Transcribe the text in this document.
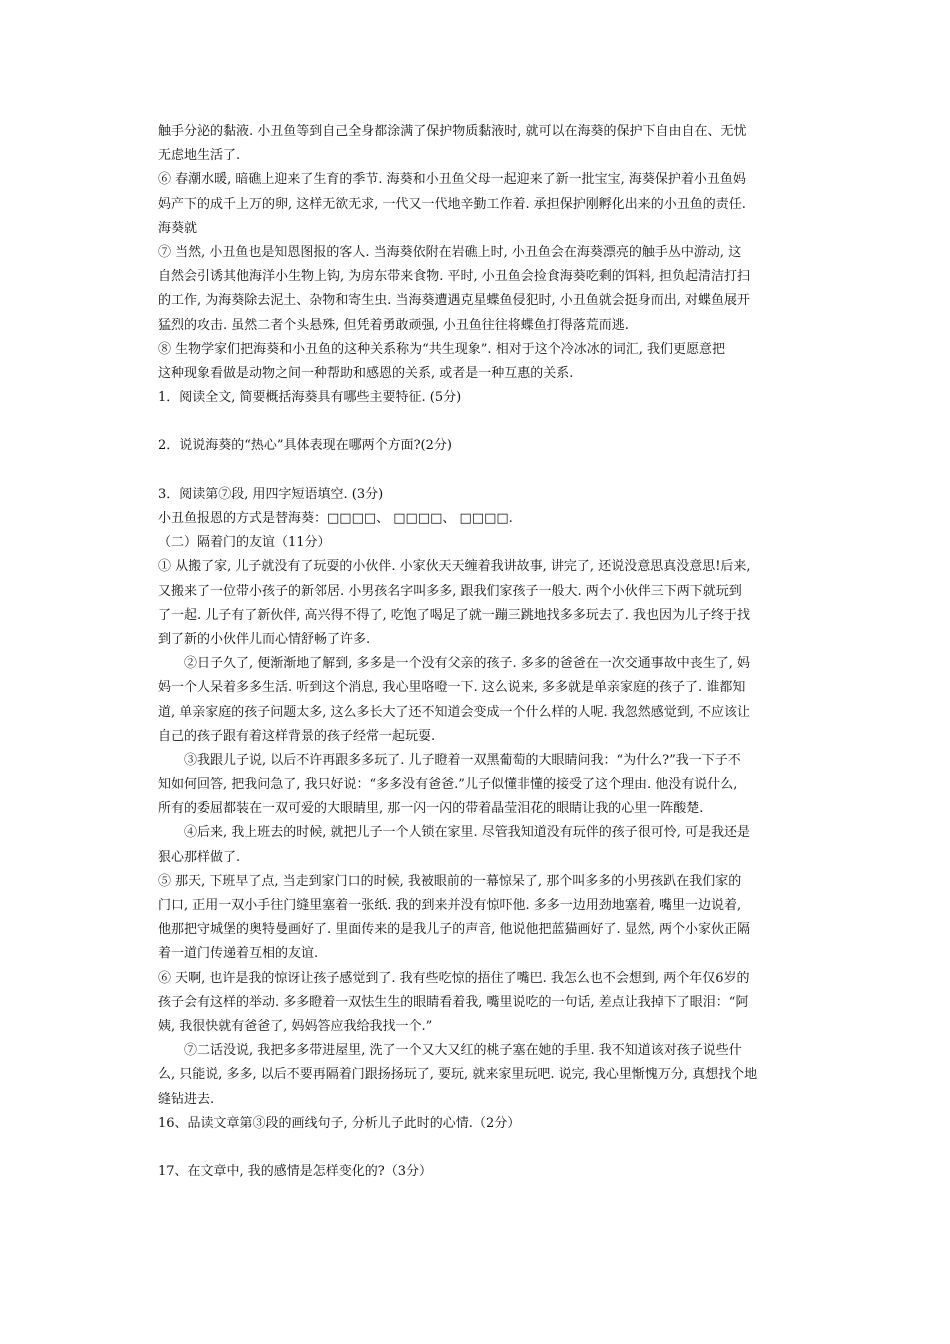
触手分泌的黏液. 小丑鱼等到自己全身都涂满了保护物质黏液时, 就可以在海葵的保护下自由自在、无忧
无虑地生活了.
⑥ 春潮水暖, 暗礁上迎来了生育的季节. 海葵和小丑鱼父母一起迎来了新一批宝宝, 海葵保护着小丑鱼妈
妈产下的成千上万的卵, 这样无欲无求, 一代又一代地辛勤工作着. 承担保护刚孵化出来的小丑鱼的责任.
海葵就
⑦ 当然, 小丑鱼也是知恩图报的客人. 当海葵依附在岩礁上时, 小丑鱼会在海葵漂亮的触手丛中游动, 这
自然会引诱其他海洋小生物上钩, 为房东带来食物. 平时, 小丑鱼会捡食海葵吃剩的饵料, 担负起清洁打扫
的工作, 为海葵除去泥土、杂物和寄生虫. 当海葵遭遇克星蝶鱼侵犯时, 小丑鱼就会挺身而出, 对蝶鱼展开
猛烈的攻击. 虽然二者个头悬殊, 但凭着勇敢顽强, 小丑鱼往往将蝶鱼打得落荒而逃.
⑧ 生物学家们把海葵和小丑鱼的这种关系称为“共生现象”. 相对于这个冷冰冰的词汇, 我们更愿意把
这种现象看做是动物之间一种帮助和感恩的关系, 或者是一种互惠的关系.
1．阅读全文, 简要概括海葵具有哪些主要特征. (5分)
2．说说海葵的“热心”具体表现在哪两个方面?(2分)
3．阅读第⑦段, 用四字短语填空. (3分)
小丑鱼报恩的方式是替海葵：□□□□、 □□□□、 □□□□.
（二）隔着门的友谊（11分）
① 从搬了家, 儿子就没有了玩耍的小伙伴. 小家伙天天缠着我讲故事, 讲完了, 还说没意思真没意思!后来,
又搬来了一位带小孩子的新邻居. 小男孩名字叫多多, 跟我们家孩子一般大. 两个小伙伴三下两下就玩到
了一起. 儿子有了新伙伴, 高兴得不得了, 吃饱了喝足了就一蹦三跳地找多多玩去了. 我也因为儿子终于找
到了新的小伙伴儿而心情舒畅了许多.
②日子久了, 便渐渐地了解到, 多多是一个没有父亲的孩子. 多多的爸爸在一次交通事故中丧生了, 妈
妈一个人呆着多多生活. 听到这个消息, 我心里咯噔一下. 这么说来, 多多就是单亲家庭的孩子了. 谁都知
道, 单亲家庭的孩子问题太多, 这么多长大了还不知道会变成一个什么样的人呢. 我忽然感觉到, 不应该让
自己的孩子跟有着这样背景的孩子经常一起玩耍.
③我跟儿子说, 以后不许再跟多多玩了. 儿子瞪着一双黑葡萄的大眼睛问我：“为什么?”我一下子不
知如何回答, 把我问急了, 我只好说：“多多没有爸爸.”儿子似懂非懂的接受了这个理由. 他没有说什么,
所有的委屈都装在一双可爱的大眼睛里, 那一闪一闪的带着晶莹泪花的眼睛让我的心里一阵酸楚.
④后来, 我上班去的时候, 就把儿子一个人锁在家里. 尽管我知道没有玩伴的孩子很可怜, 可是我还是
狠心那样做了.
⑤ 那天, 下班早了点, 当走到家门口的时候, 我被眼前的一幕惊呆了, 那个叫多多的小男孩趴在我们家的
门口, 正用一双小手往门缝里塞着一张纸. 我的到来并没有惊吓他. 多多一边用劲地塞着, 嘴里一边说着,
他那把守城堡的奥特曼画好了. 里面传来的是我儿子的声音, 他说他把蓝猫画好了. 显然, 两个小家伙正隔
着一道门传递着互相的友谊.
⑥ 天啊, 也许是我的惊讶让孩子感觉到了. 我有些吃惊的捂住了嘴巴. 我怎么也不会想到, 两个年仅6岁的
孩子会有这样的举动. 多多瞪着一双怯生生的眼睛看着我, 嘴里说吃的一句话, 差点让我掉下了眼泪：“阿
姨, 我很快就有爸爸了, 妈妈答应我给我找一个.”
⑦二话没说, 我把多多带进屋里, 洗了一个又大又红的桃子塞在她的手里. 我不知道该对孩子说些什
么, 只能说, 多多, 以后不要再隔着门跟扬扬玩了, 要玩, 就来家里玩吧. 说完, 我心里惭愧万分, 真想找个地
缝钻进去.
16、品读文章第③段的画线句子, 分析儿子此时的心情.（2分）
17、在文章中, 我的感情是怎样变化的?（3分）
